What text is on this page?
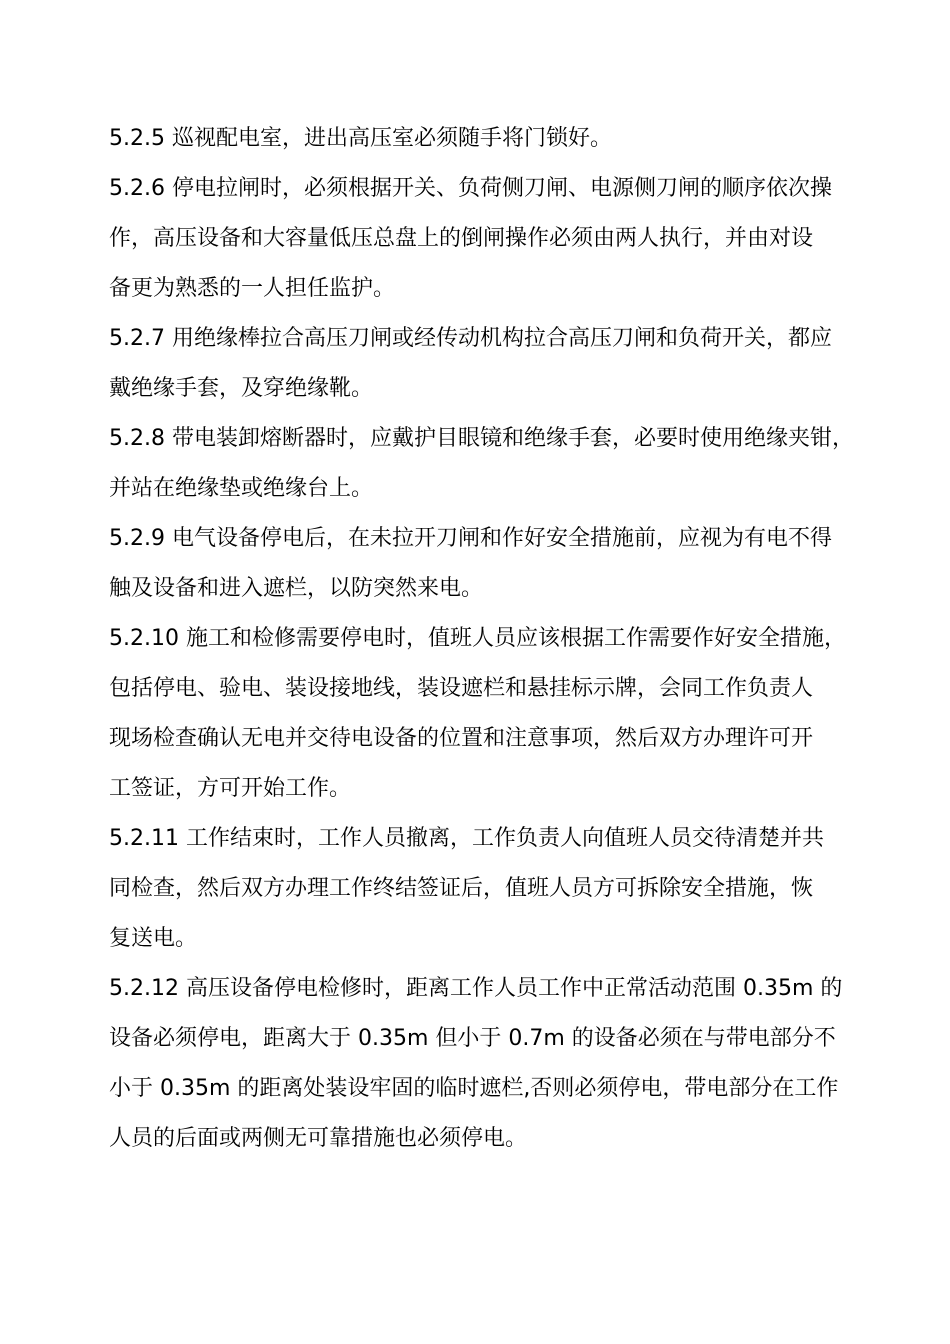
5.2.5 巡视配电室，进出高压室必须随手将门锁好。
5.2.6 停电拉闸时，必须根据开关、负荷侧刀闸、电源侧刀闸的顺序依次操
作，高压设备和大容量低压总盘上的倒闸操作必须由两人执行，并由对设
备更为熟悉的一人担任监护。
5.2.7 用绝缘棒拉合高压刀闸或经传动机构拉合高压刀闸和负荷开关，都应
戴绝缘手套，及穿绝缘靴。
5.2.8 带电装卸熔断器时，应戴护目眼镜和绝缘手套，必要时使用绝缘夹钳，
并站在绝缘垫或绝缘台上。
5.2.9 电气设备停电后，在未拉开刀闸和作好安全措施前，应视为有电不得
触及设备和进入遮栏，以防突然来电。
5.2.10 施工和检修需要停电时，值班人员应该根据工作需要作好安全措施，
包括停电、验电、装设接地线，装设遮栏和悬挂标示牌，会同工作负责人
现场检查确认无电并交待电设备的位置和注意事项，然后双方办理许可开
工签证，方可开始工作。
5.2.11 工作结束时，工作人员撤离，工作负责人向值班人员交待清楚并共
同检查，然后双方办理工作终结签证后，值班人员方可拆除安全措施，恢
复送电。
5.2.12 高压设备停电检修时，距离工作人员工作中正常活动范围 0.35m 的
设备必须停电，距离大于 0.35m 但小于 0.7m 的设备必须在与带电部分不
小于 0.35m 的距离处装设牢固的临时遮栏,否则必须停电，带电部分在工作
人员的后面或两侧无可靠措施也必须停电。
